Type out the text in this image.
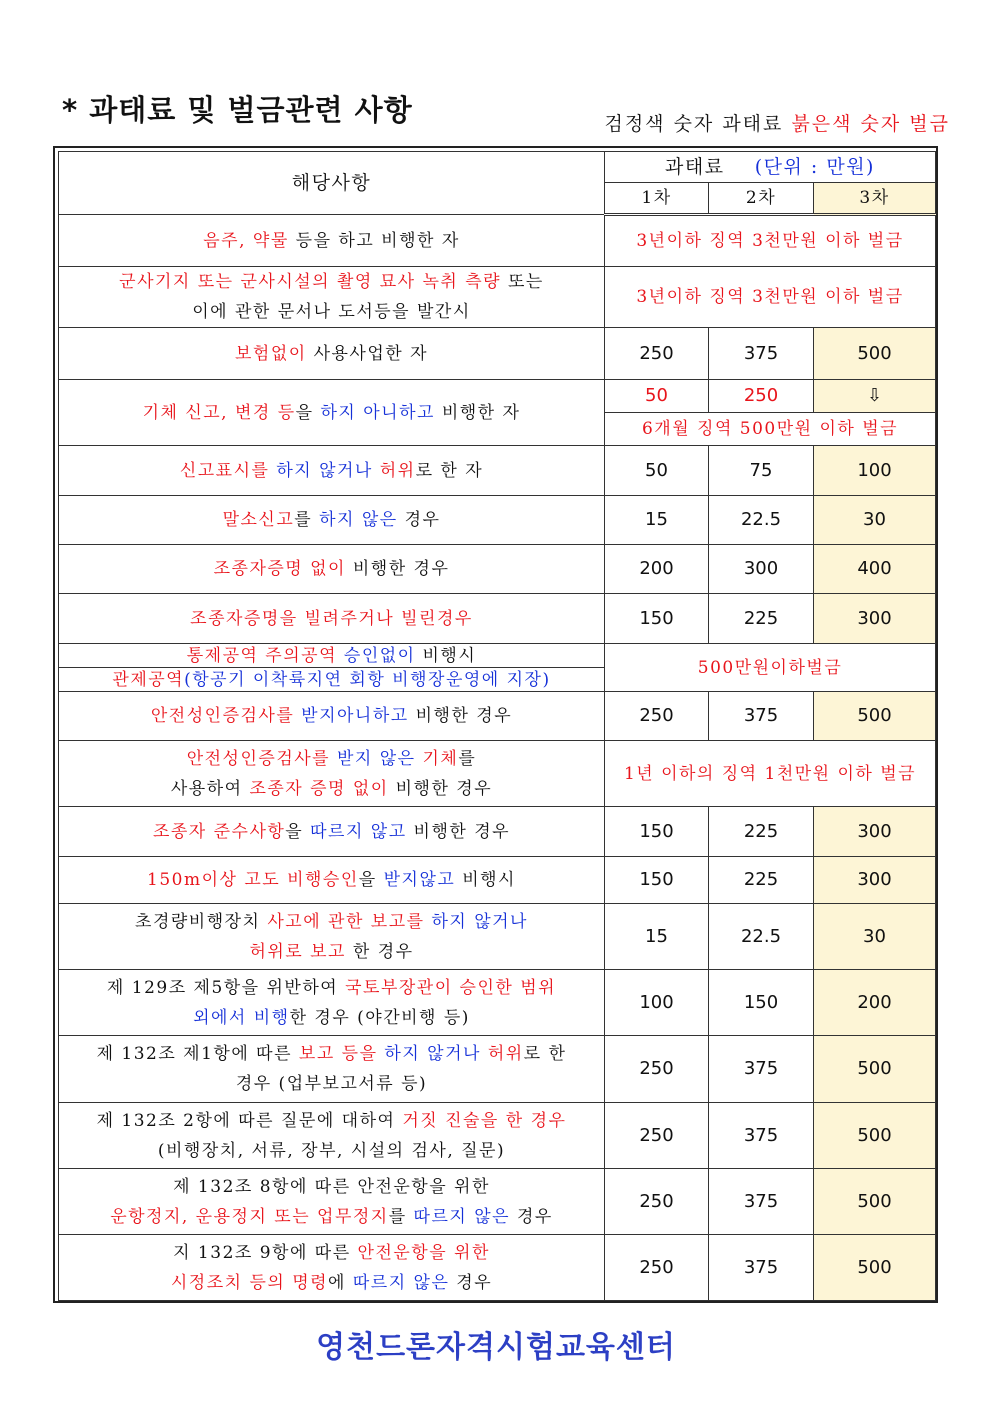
* 과태료 및 벌금관련 사항	검정색 숫자 과태료 붉은색 숫자 벌금
해당사항	과태료 (단위 : 만원)		
	1차	2차	3차
음주, 약물 등을 하고 비행한 자	3년이하 징역 3천만원 이하 벌금		
군사기지 또는 군사시설의 촬영 묘사 녹취 측량 또는
이에 관한 문서나 도서등을 발간시	3년이하 징역 3천만원 이하 벌금		
보험없이 사용사업한 자	250	375	500
기체 신고, 변경 등을 하지 아니하고 비행한 자	50	250	⇩
	6개월 징역 500만원 이하 벌금		
신고표시를 하지 않거나 허위로 한 자	50	75	100
말소신고를 하지 않은 경우	15	22.5	30
조종자증명 없이 비행한 경우	200	300	400
조종자증명을 빌려주거나 빌린경우	150	225	300
통제공역 주의공역 승인없이 비행시	500만원이하벌금		
관제공역(항공기 이착륙지연 회항 비행장운영에 지장)			
안전성인증검사를 받지아니하고 비행한 경우	250	375	500
안전성인증검사를 받지 않은 기체를
사용하여 조종자 증명 없이 비행한 경우	1년 이하의 징역 1천만원 이하 벌금		
조종자 준수사항을 따르지 않고 비행한 경우	150	225	300
150m이상 고도 비행승인을 받지않고 비행시	150	225	300
초경량비행장치 사고에 관한 보고를 하지 않거나
허위로 보고 한 경우	15	22.5	30
제 129조 제5항을 위반하여 국토부장관이 승인한 범위
외에서 비행한 경우 (야간비행 등)	100	150	200
제 132조 제1항에 따른 보고 등을 하지 않거나 허위로 한
경우 (업부보고서류 등)	250	375	500
제 132조 2항에 따른 질문에 대하여 거짓 진술을 한 경우
(비행장치, 서류, 장부, 시설의 검사, 질문)	250	375	500
제 132조 8항에 따른 안전운항을 위한
운항정지, 운용정지 또는 업무정지를 따르지 않은 경우	250	375	500
지 132조 9항에 따른 안전운항을 위한
시정조치 등의 명령에 따르지 않은 경우	250	375	500
영천드론자격시험교육센터
